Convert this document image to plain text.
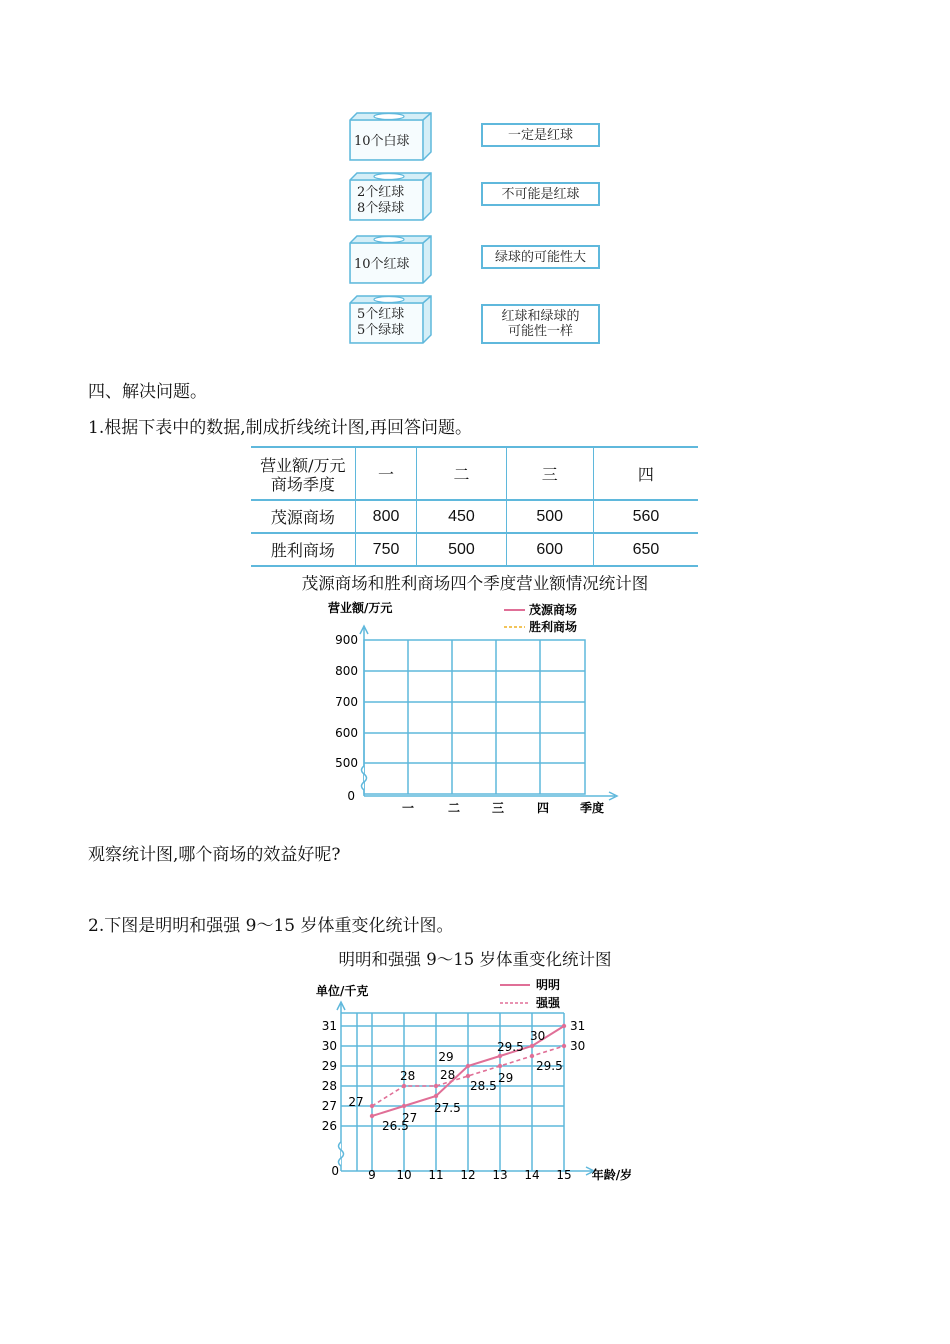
10个白球
2个红球
8个绿球
10个红球
5个红球
5个绿球
一定是红球
不可能是红球
绿球的可能性大
红球和绿球的
可能性一样
四、解决问题。
1.根据下表中的数据,制成折线统计图,再回答问题。
营业额/万元
商场季度	一	二	三	四
茂源商场	800	450	500	560
胜利商场	750	500	600	650
茂源商场和胜利商场四个季度营业额情况统计图
营业额/万元	茂源商场
胜利商场
900
800
700
600
500
0
一	二	三	四	季度
观察统计图,哪个商场的效益好呢?
2.下图是明明和强强 9～15 岁体重变化统计图。
明明和强强 9～15 岁体重变化统计图
单位/千克	明明
强强
0
26
27
28
29
30
31
9 10 11 12 13 14 15 年龄/岁
26.5
27
27.5
29
29.5
30
31
27
28 28
28.5
29
29.5
30
